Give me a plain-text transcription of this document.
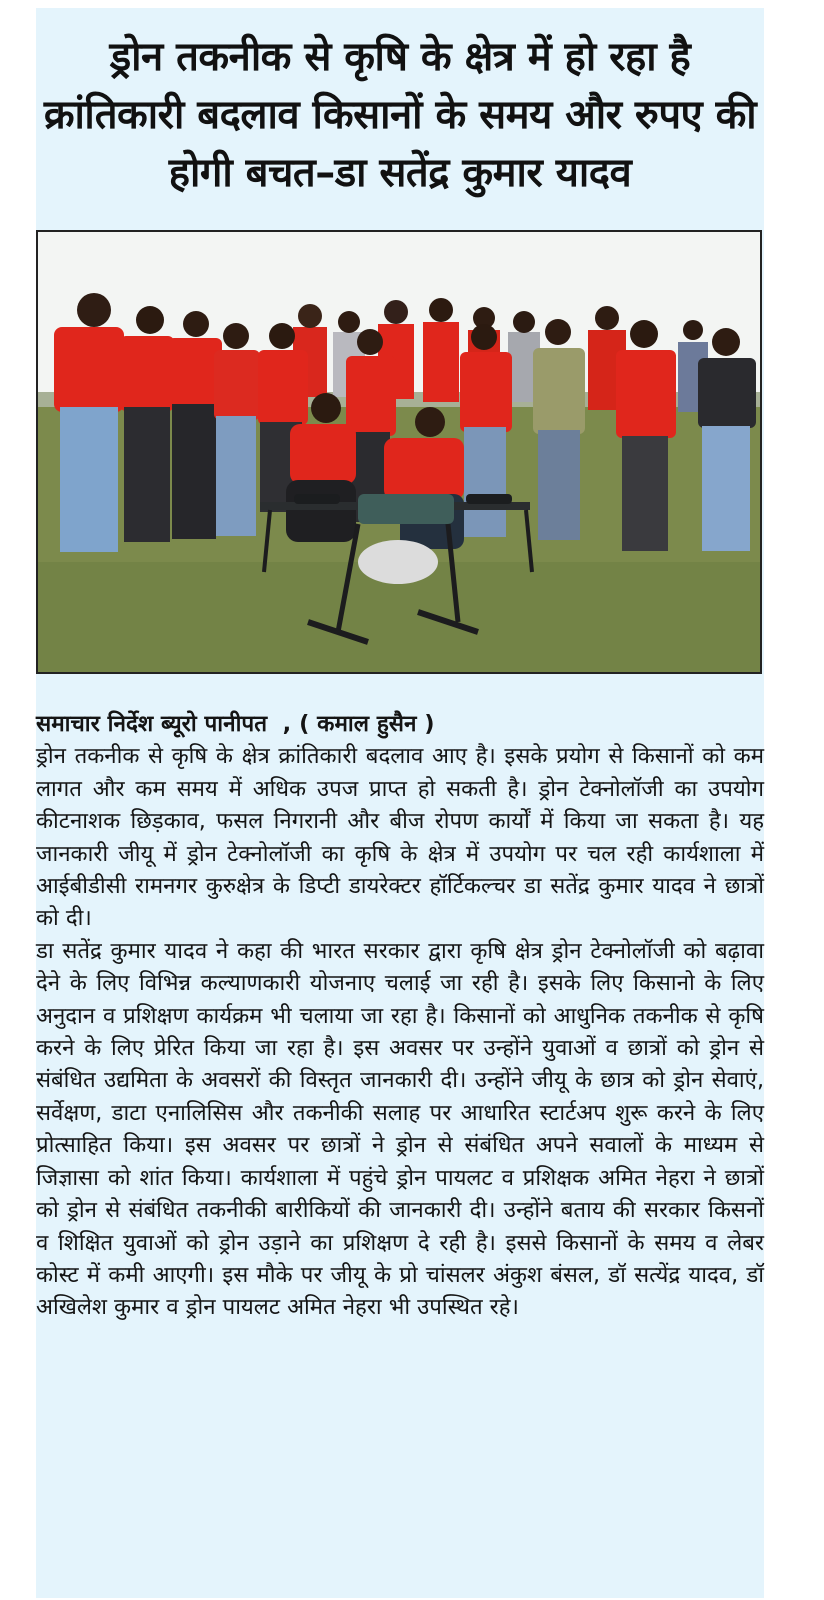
ड्रोन तकनीक से कृषि के क्षेत्र में हो रहा है क्रांतिकारी बदलाव किसानों के समय और रुपए की होगी बचत–डा सतेंद्र कुमार यादव
समाचार निर्देश ब्यूरो पानीपत  , ( कमाल हुसैन )
ड्रोन तकनीक से कृषि के क्षेत्र क्रांतिकारी बदलाव आए है। इसके प्रयोग से किसानों को कम लागत और कम समय में अधिक उपज प्राप्त हो सकती है। ड्रोन टेक्नोलॉजी का उपयोग कीटनाशक छिड़काव, फसल निगरानी और बीज रोपण कार्यों में किया जा सकता है। यह जानकारी जीयू में ड्रोन टेक्नोलॉजी का कृषि के क्षेत्र में उपयोग पर चल रही कार्यशाला में आईबीडीसी रामनगर कुरुक्षेत्र के डिप्टी डायरेक्टर हॉर्टिकल्चर डा सतेंद्र कुमार यादव ने छात्रों को दी।
डा सतेंद्र कुमार यादव ने कहा की भारत सरकार द्वारा कृषि क्षेत्र ड्रोन टेक्नोलॉजी को बढ़ावा देने के लिए विभिन्न कल्याणकारी योजनाए चलाई जा रही है। इसके लिए किसानो के लिए अनुदान व प्रशिक्षण कार्यक्रम भी चलाया जा रहा है। किसानों को आधुनिक तकनीक से कृषि करने के लिए प्रेरित किया जा रहा है। इस अवसर पर उन्होंने युवाओं व छात्रों को ड्रोन से संबंधित उद्यमिता के अवसरों की विस्तृत जानकारी दी। उन्होंने जीयू के छात्र को ड्रोन सेवाएं, सर्वेक्षण, डाटा एनालिसिस और तकनीकी सलाह पर आधारित स्टार्टअप शुरू करने के लिए प्रोत्साहित किया। इस अवसर पर छात्रों ने ड्रोन से संबंधित अपने सवालों के माध्यम से जिज्ञासा को शांत किया। कार्यशाला में पहुंचे ड्रोन पायलट व प्रशिक्षक अमित नेहरा ने छात्रों को ड्रोन से संबंधित तकनीकी बारीकियों की जानकारी दी। उन्होंने बताय की सरकार किसनों व शिक्षित युवाओं को ड्रोन उड़ाने का प्रशिक्षण दे रही है। इससे किसानों के समय व लेबर कोस्ट में कमी आएगी। इस मौके पर जीयू के प्रो चांसलर अंकुश बंसल, डॉ सत्येंद्र यादव, डॉ अखिलेश कुमार व ड्रोन पायलट अमित नेहरा भी उपस्थित रहे।
